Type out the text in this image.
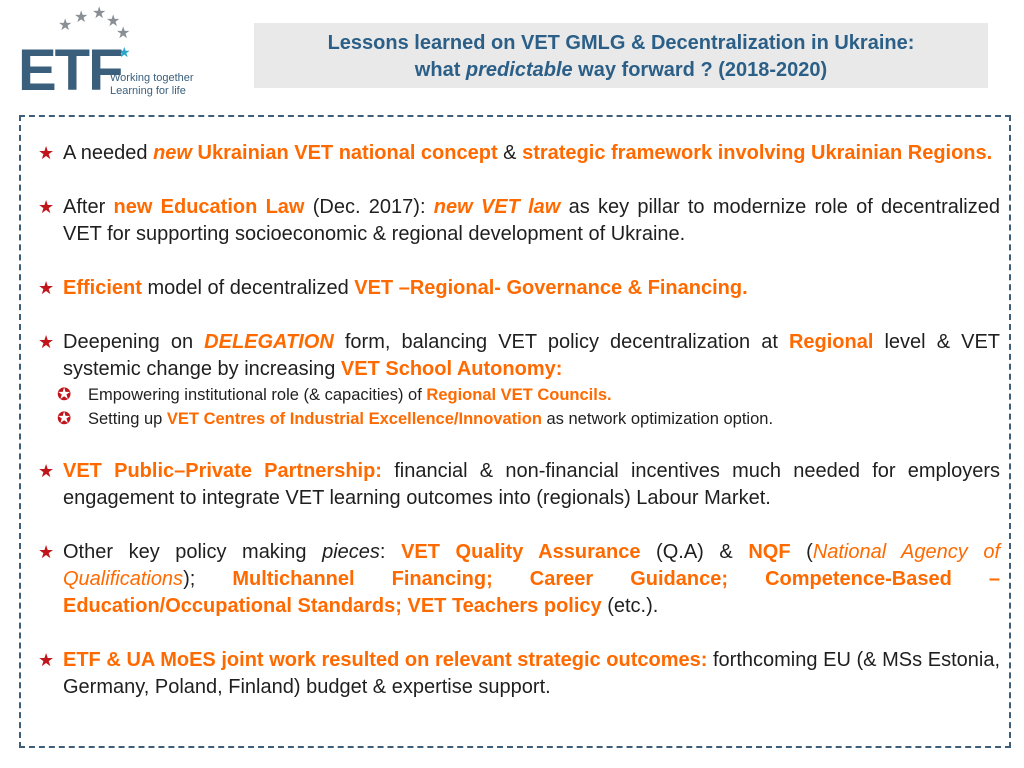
★ ★ ★ ★
★
★
ETF
Working together
Learning for life
Lessons learned on VET GMLG & Decentralization in Ukraine:
what predictable way forward ? (2018-2020)
★ A needed new Ukrainian VET national concept & strategic framework involving Ukrainian Regions.
★ After new Education Law (Dec. 2017): new VET law as key pillar to modernize role of decentralized VET for supporting socioeconomic & regional development of Ukraine.
★ Efficient model of decentralized VET –Regional- Governance & Financing.
★ Deepening on DELEGATION form, balancing VET policy decentralization at Regional level & VET systemic change by increasing VET School Autonomy:
✪ Empowering institutional role (& capacities) of Regional VET Councils.
✪ Setting up VET Centres of Industrial Excellence/Innovation as network optimization option.
★ VET Public–Private Partnership: financial & non-financial incentives much needed for employers engagement to integrate VET learning outcomes into (regionals) Labour Market.
★ Other key policy making pieces: VET Quality Assurance (Q.A) & NQF (National Agency of Qualifications); Multichannel Financing; Career Guidance; Competence-Based – Education/Occupational Standards; VET Teachers policy (etc.).
★ ETF & UA MoES joint work resulted on relevant strategic outcomes: forthcoming EU (& MSs Estonia, Germany, Poland, Finland) budget & expertise support.
